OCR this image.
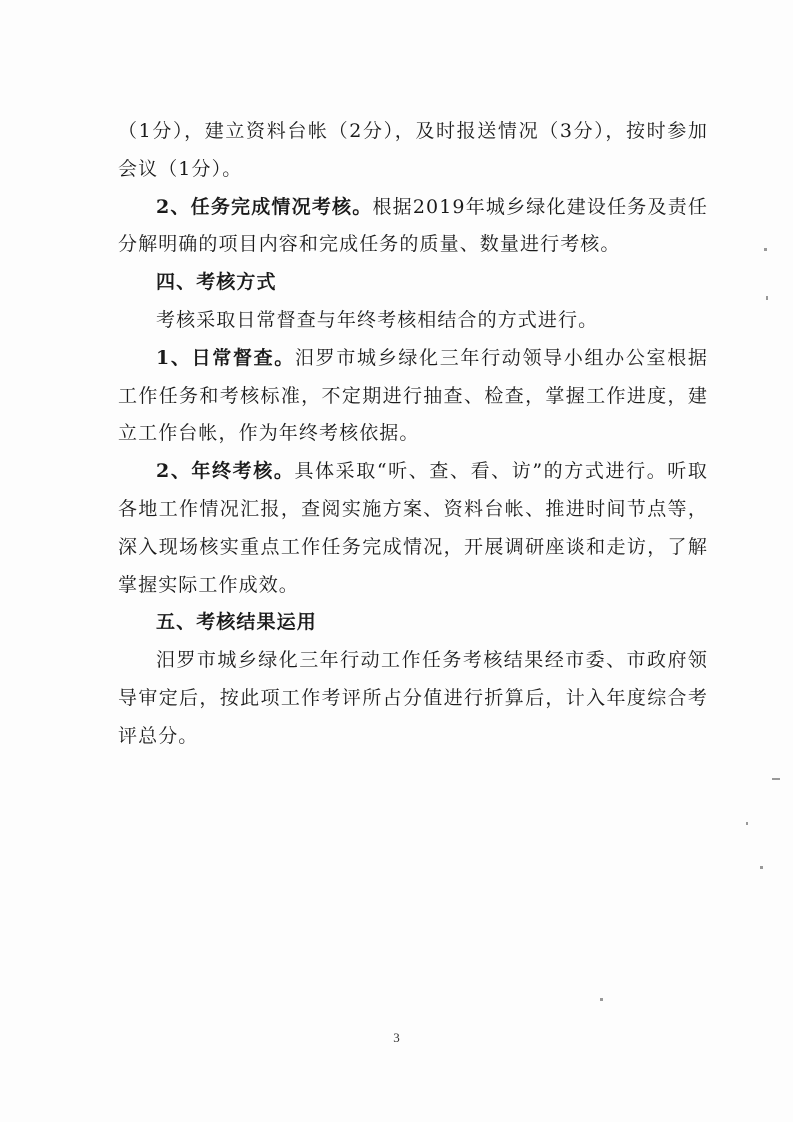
（1分），建立资料台帐（2分），及时报送情况（3分），按时参加会议（1分）。

2、任务完成情况考核。根据2019年城乡绿化建设任务及责任分解明确的项目内容和完成任务的质量、数量进行考核。

四、考核方式

考核采取日常督查与年终考核相结合的方式进行。

1、日常督查。汨罗市城乡绿化三年行动领导小组办公室根据工作任务和考核标准，不定期进行抽查、检查，掌握工作进度，建立工作台帐，作为年终考核依据。

2、年终考核。具体采取“听、查、看、访”的方式进行。听取各地工作情况汇报，查阅实施方案、资料台帐、推进时间节点等，深入现场核实重点工作任务完成情况，开展调研座谈和走访，了解掌握实际工作成效。

五、考核结果运用

汨罗市城乡绿化三年行动工作任务考核结果经市委、市政府领导审定后，按此项工作考评所占分值进行折算后，计入年度综合考评总分。

3
